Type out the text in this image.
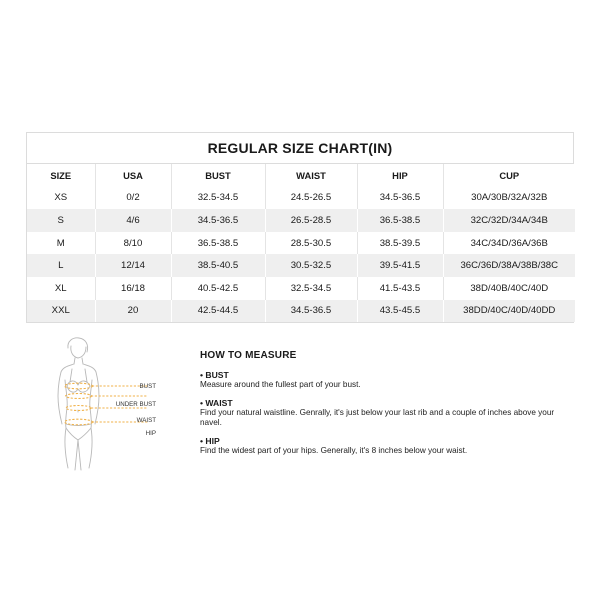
REGULAR SIZE CHART(IN)
SIZE	USA	BUST	WAIST	HIP	CUP
XS	0/2	32.5-34.5	24.5-26.5	34.5-36.5	30A/30B/32A/32B
S	4/6	34.5-36.5	26.5-28.5	36.5-38.5	32C/32D/34A/34B
M	8/10	36.5-38.5	28.5-30.5	38.5-39.5	34C/34D/36A/36B
L	12/14	38.5-40.5	30.5-32.5	39.5-41.5	36C/36D/38A/38B/38C
XL	16/18	40.5-42.5	32.5-34.5	41.5-43.5	38D/40B/40C/40D
XXL	20	42.5-44.5	34.5-36.5	43.5-45.5	38DD/40C/40D/40DD
BUST
UNDER BUST
WAIST
HIP
HOW TO MEASURE
• BUST
Measure around the fullest part of your bust.
• WAIST
Find your natural waistline. Genrally, it's just below your last rib and a couple of inches above your navel.
• HIP
Find the widest part of your hips. Generally, it's 8 inches below your waist.
